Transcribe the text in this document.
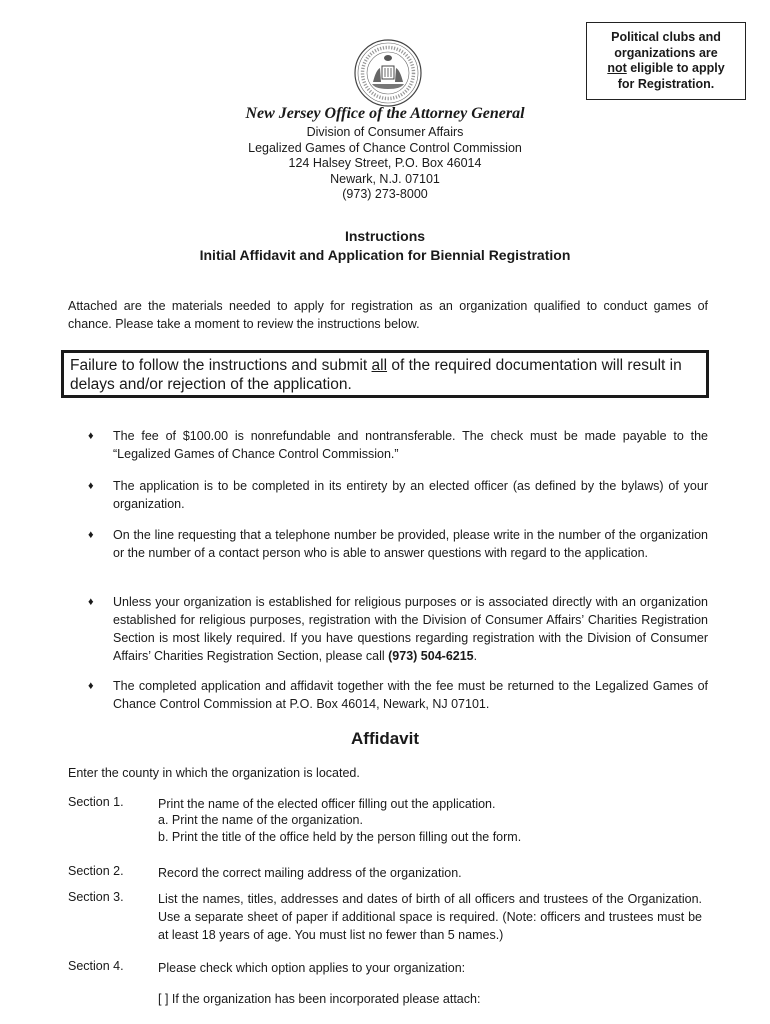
Political clubs and
organizations are
not eligible to apply
for Registration.
New Jersey Office of the Attorney General
Division of Consumer Affairs
Legalized Games of Chance Control Commission
124 Halsey Street, P.O. Box 46014
Newark, N.J. 07101
(973) 273-8000
Instructions
Initial Affidavit and Application for Biennial Registration
Attached are the materials needed to apply for registration as an organization qualified to conduct games of chance. Please take a moment to review the instructions below.
Failure to follow the instructions and submit all of the required documentation will result in delays and/or rejection of the application.
♦ The fee of $100.00 is nonrefundable and nontransferable. The check must be made payable to the “Legalized Games of Chance Control Commission.”
♦ The application is to be completed in its entirety by an elected officer (as defined by the bylaws) of your organization.
♦ On the line requesting that a telephone number be provided, please write in the number of the organization or the number of a contact person who is able to answer questions with regard to the application.
♦ Unless your organization is established for religious purposes or is associated directly with an organization established for religious purposes, registration with the Division of Consumer Affairs’ Charities Registration Section is most likely required. If you have questions regarding registration with the Division of Consumer Affairs’ Charities Registration Section, please call (973) 504-6215.
♦ The completed application and affidavit together with the fee must be returned to the Legalized Games of Chance Control Commission at P.O. Box 46014, Newark, NJ 07101.
Affidavit
Enter the county in which the organization is located.
Section 1.	Print the name of the elected officer filling out the application.
a. Print the name of the organization.
b. Print the title of the office held by the person filling out the form.
Section 2.	Record the correct mailing address of the organization.
Section 3.	List the names, titles, addresses and dates of birth of all officers and trustees of the Organization. Use a separate sheet of paper if additional space is required. (Note: officers and trustees must be at least 18 years of age. You must list no fewer than 5 names.)
Section 4.	Please check which option applies to your organization:
[ ] If the organization has been incorporated please attach:
